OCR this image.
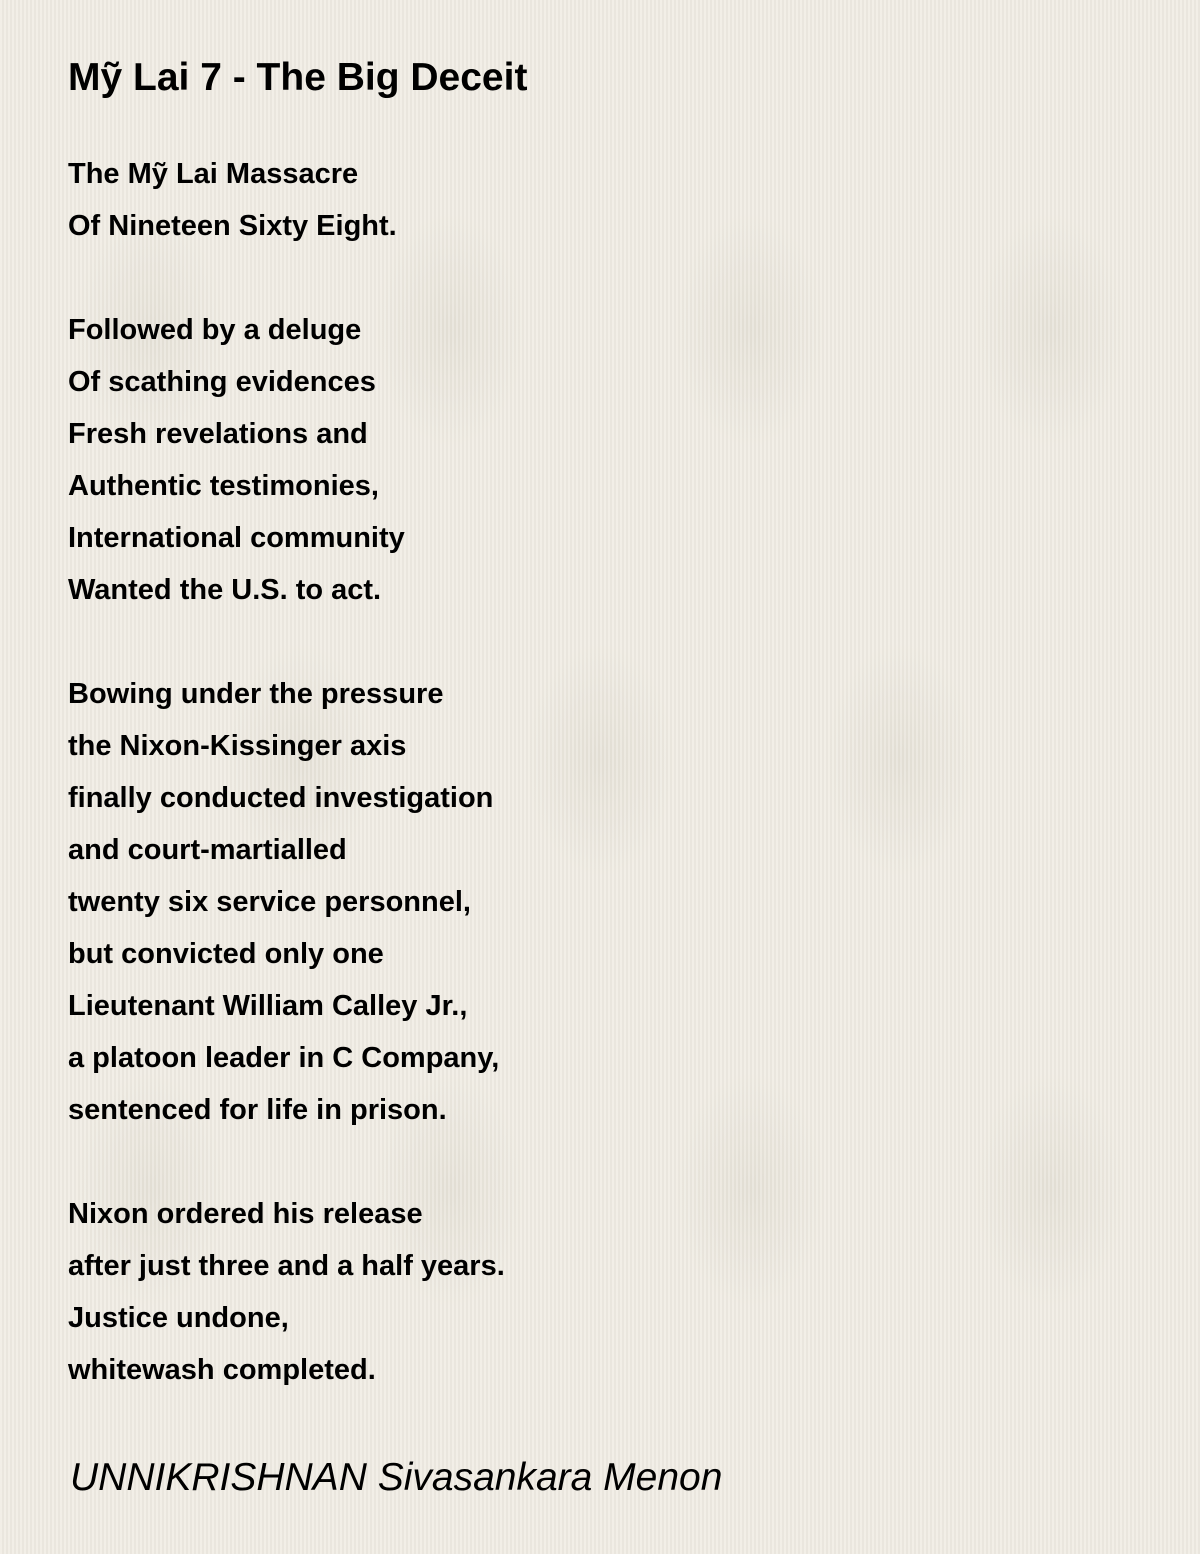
Mỹ Lai 7 - The Big Deceit
The Mỹ Lai Massacre
Of Nineteen Sixty Eight.
Followed by a deluge
Of scathing evidences
Fresh revelations and
Authentic testimonies,
International community
Wanted the U.S. to act.
Bowing under the pressure
the Nixon-Kissinger axis
finally conducted investigation
and court-martialled
twenty six service personnel,
but convicted only one
Lieutenant William Calley Jr.,
a platoon leader in C Company,
sentenced for life in prison.
Nixon ordered his release
after just three and a half years.
Justice undone,
whitewash completed.

UNNIKRISHNAN Sivasankara Menon
